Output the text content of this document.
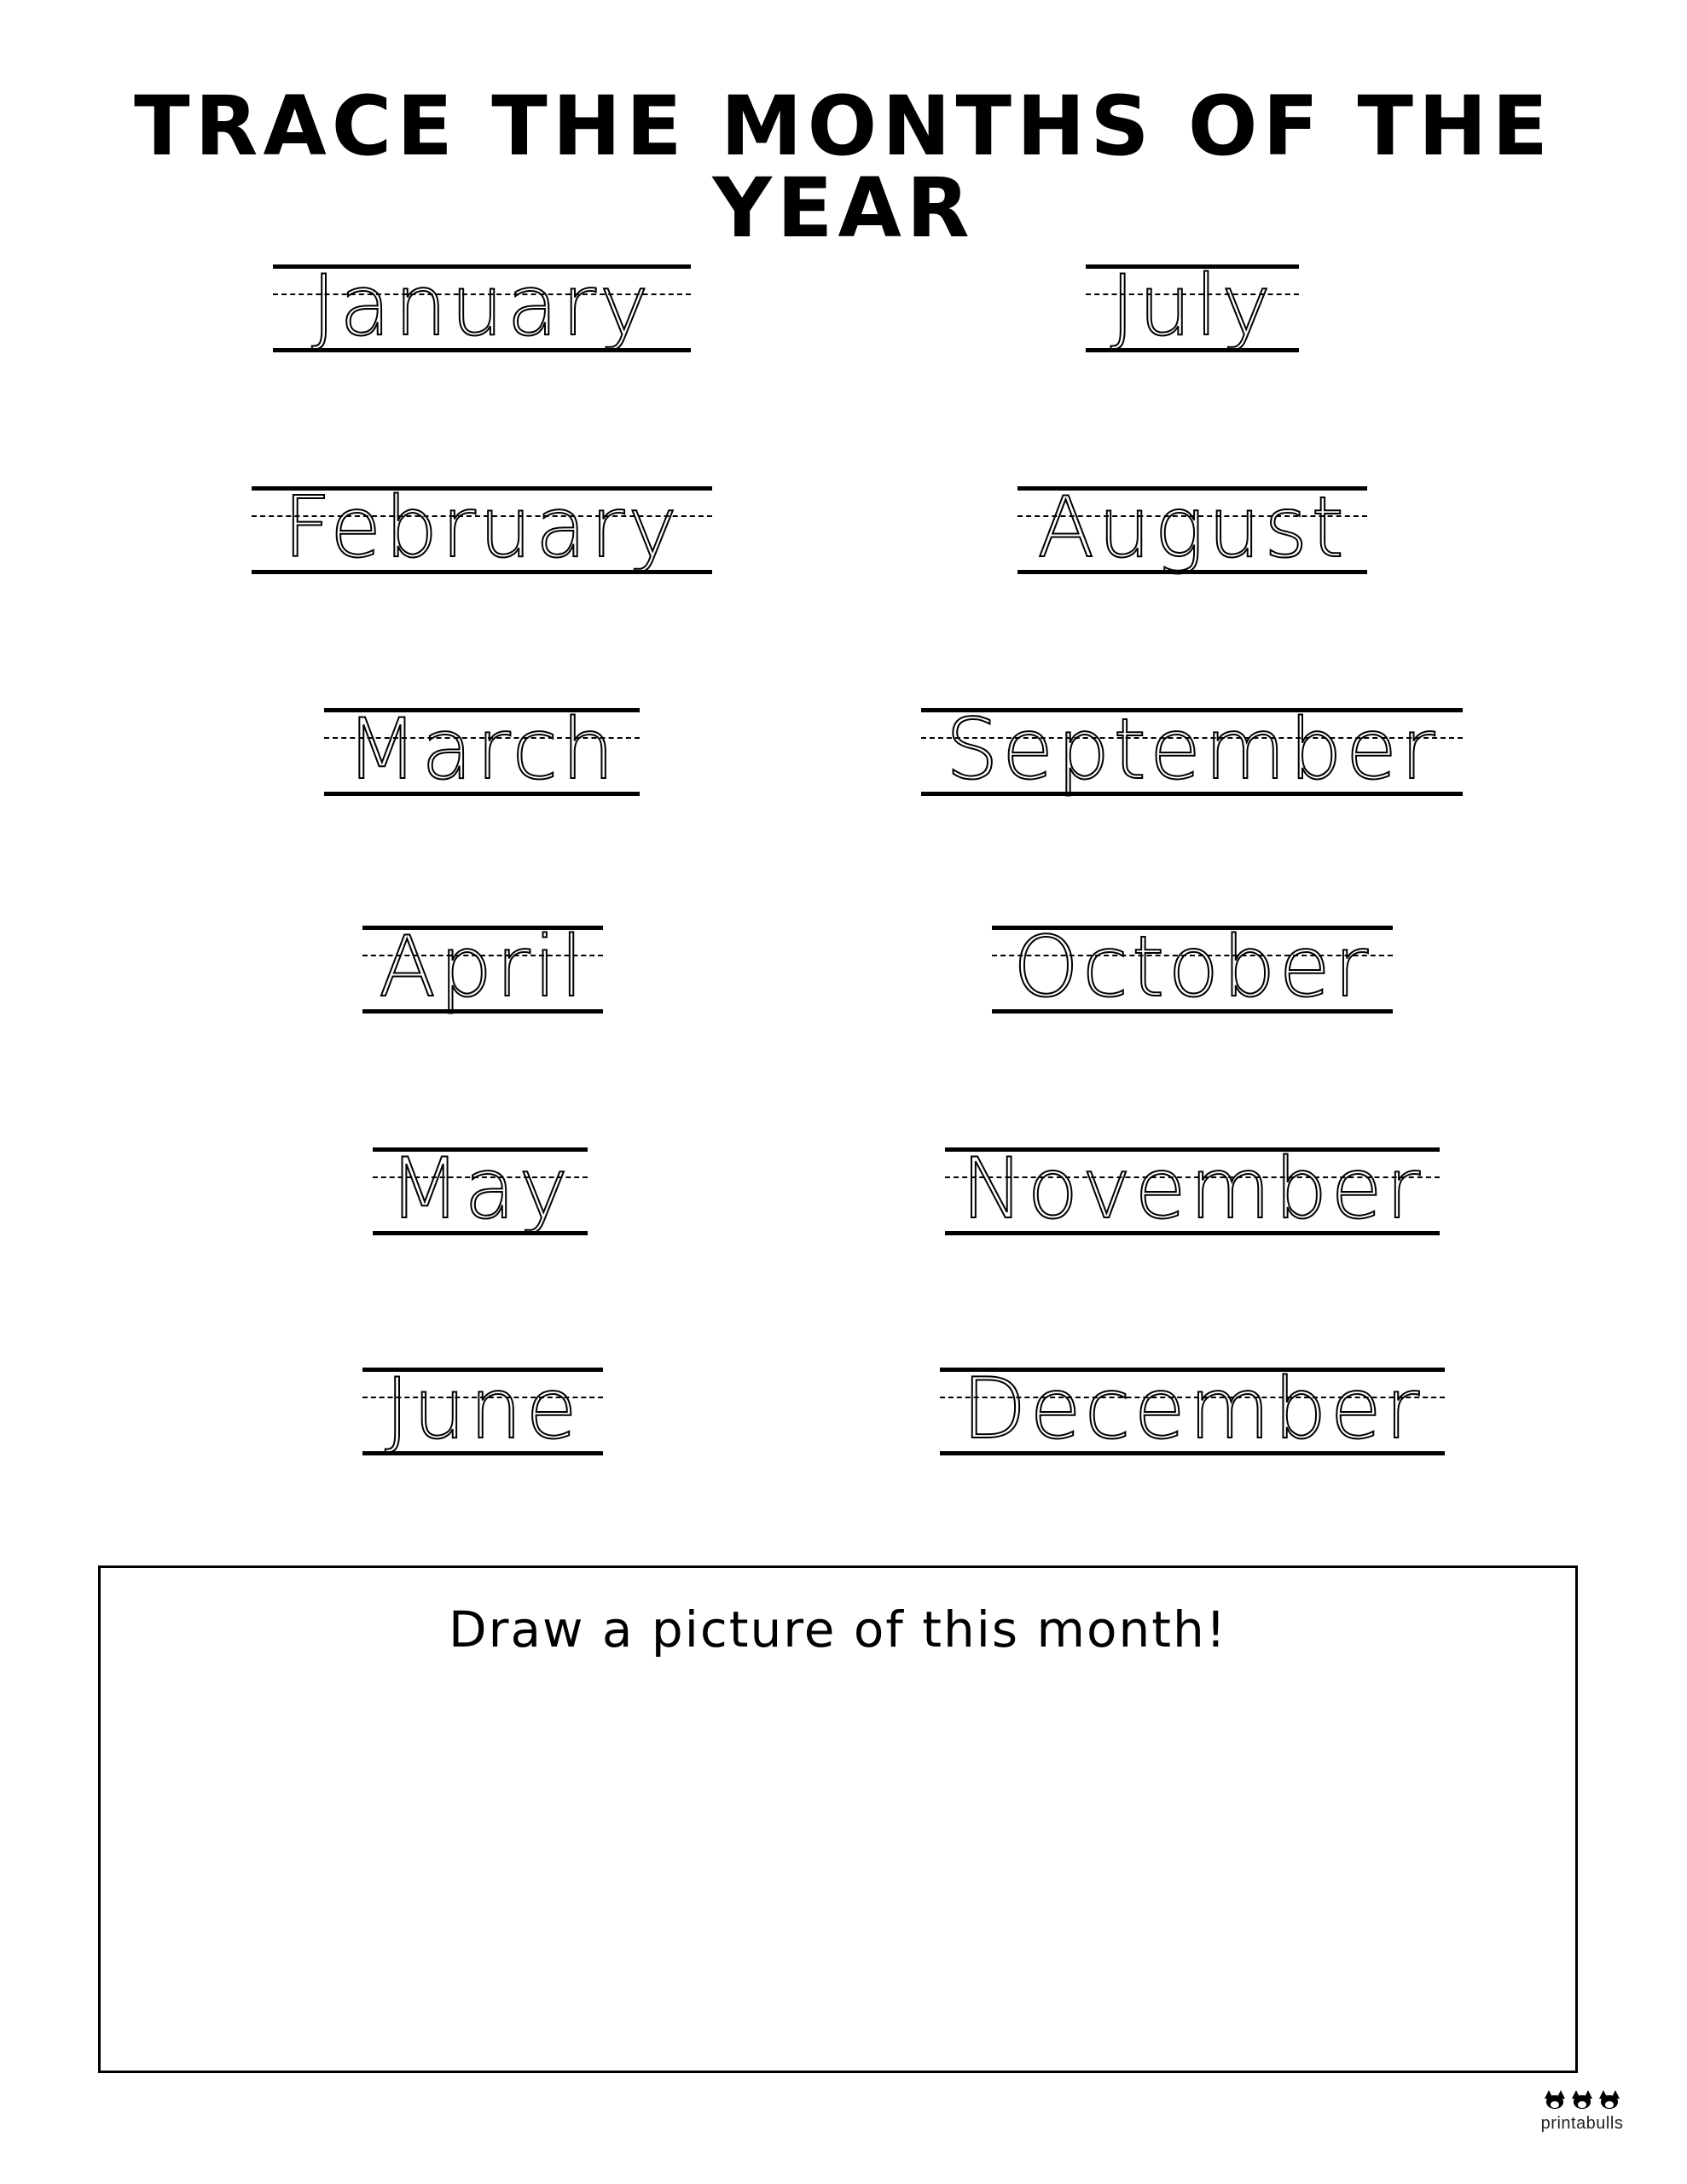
TRACE THE MONTHS OF THE YEAR
January
February
March
April
May
June
July
August
September
October
November
December
Draw a picture of this month!
printabulls
